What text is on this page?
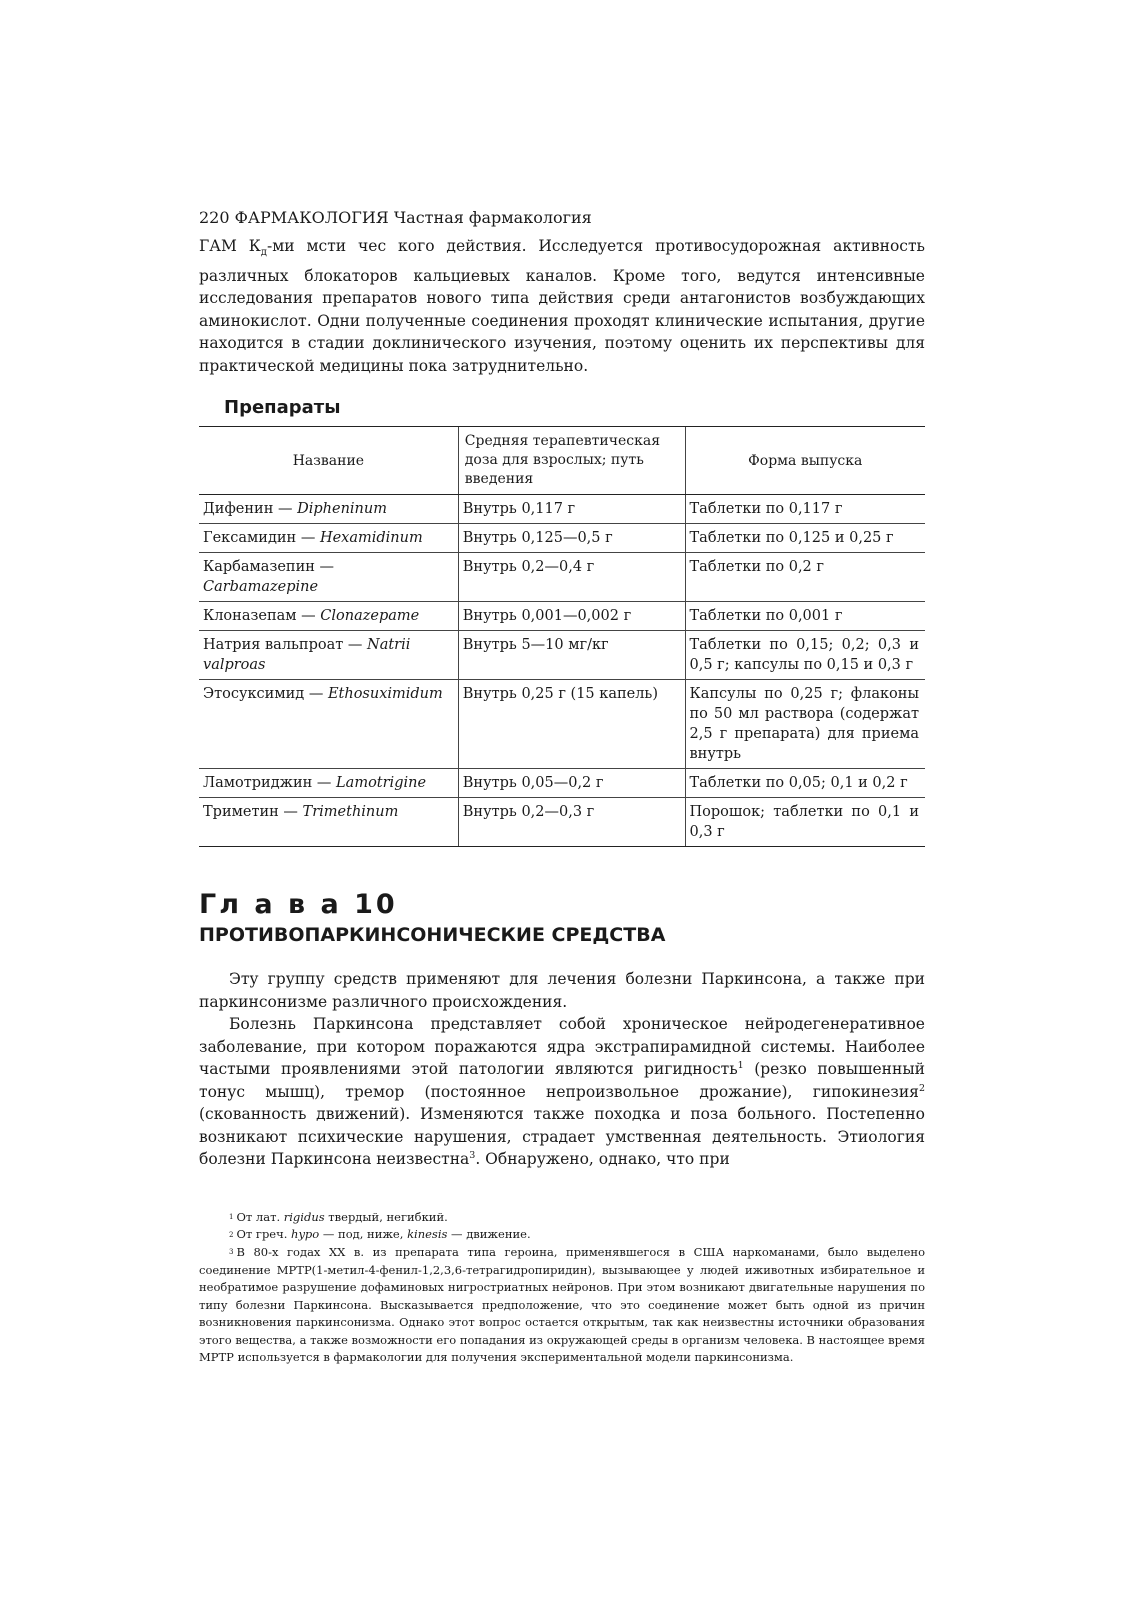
220 ФАРМАКОЛОГИЯ Частная фармакология

ГАМ $К_д-ми$ мсти чес кого действия. Исследуется противосудорожная активность различных блокаторов кальциевых каналов. Кроме того, ведутся интенсивные исследования препаратов нового типа действия среди антагонистов возбуждающих аминокислот. Одни полученные соединения проходят клинические испытания, другие находится в стадии доклинического изучения, поэтому оценить их перспективы для практической медицины пока затруднительно.

Препараты
Название	Средняя терапевтическая доза для взрослых; путь введения	Форма выпуска
Дифенин — Dipheninum	Внутрь 0,117 г	Таблетки по 0,117 г
Гексамидин — Hexamidinum	Внутрь 0,125—0,5 г	Таблетки по 0,125 и 0,25 г
Карбамазепин — Carbamazepine	Внутрь 0,2—0,4 г	Таблетки по 0,2 г
Клоназепам — Clonazepame	Внутрь 0,001—0,002 г	Таблетки по 0,001 г
Натрия вальпроат — Natrii valproas	Внутрь 5—10 мг/кг	Таблетки по 0,15; 0,2; 0,3 и 0,5 г; капсулы по 0,15 и 0,3 г
Этосуксимид — Ethosuximidum	Внутрь 0,25 г (15 капель)	Капсулы по 0,25 г; флаконы по 50 мл раствора (содержат 2,5 г препарата) для приема внутрь
Ламотриджин — Lamotrigine	Внутрь 0,05—0,2 г	Таблетки по 0,05; 0,1 и 0,2 г
Триметин — Trimethinum	Внутрь 0,2—0,3 г	Порошок; таблетки по 0,1 и 0,3 г
Гл а в а 10
ПРОТИВОПАРКИНСОНИЧЕСКИЕ СРЕДСТВА

Эту группу средств применяют для лечения болезни Паркинсона, а также при паркинсонизме различного происхождения.

Болезнь Паркинсона представляет собой хроническое нейродегенеративное заболевание, при котором поражаются ядра экстрапирамидной системы. Наиболее частыми проявлениями этой патологии являются ригидность$^1$ (резко повышенный тонус мышц), тремор (постоянное непроизвольное дрожание), гипокинезия$^2$ (скованность движений). Изменяются также походка и поза больного. Постепенно возникают психические нарушения, страдает умственная деятельность. Этиология болезни Паркинсона неизвестна$^3$. Обнаружено, однако, что при

1 От лат. rigidus твердый, негибкий.

2 От греч. hypo — под, ниже, kinesis — движение.

3 В 80-х годах XX в. из препарата типа героина, применявшегося в США наркоманами, было выделено соединение МРТР(1-метил-4-фенил-1,2,3,6-тетрагидропиридин), вызывающее у людей иживотных избирательное и необратимое разрушение дофаминовых нигростриатных нейронов. При этом возникают двигательные нарушения по типу болезни Паркинсона. Высказывается предположение, что это соединение может быть одной из причин возникновения паркинсонизма. Однако этот вопрос остается открытым, так как неизвестны источники образования этого вещества, а также возможности его попадания из окружающей среды в организм человека. В настоящее время МРТР используется в фармакологии для получения экспериментальной модели паркинсонизма.
